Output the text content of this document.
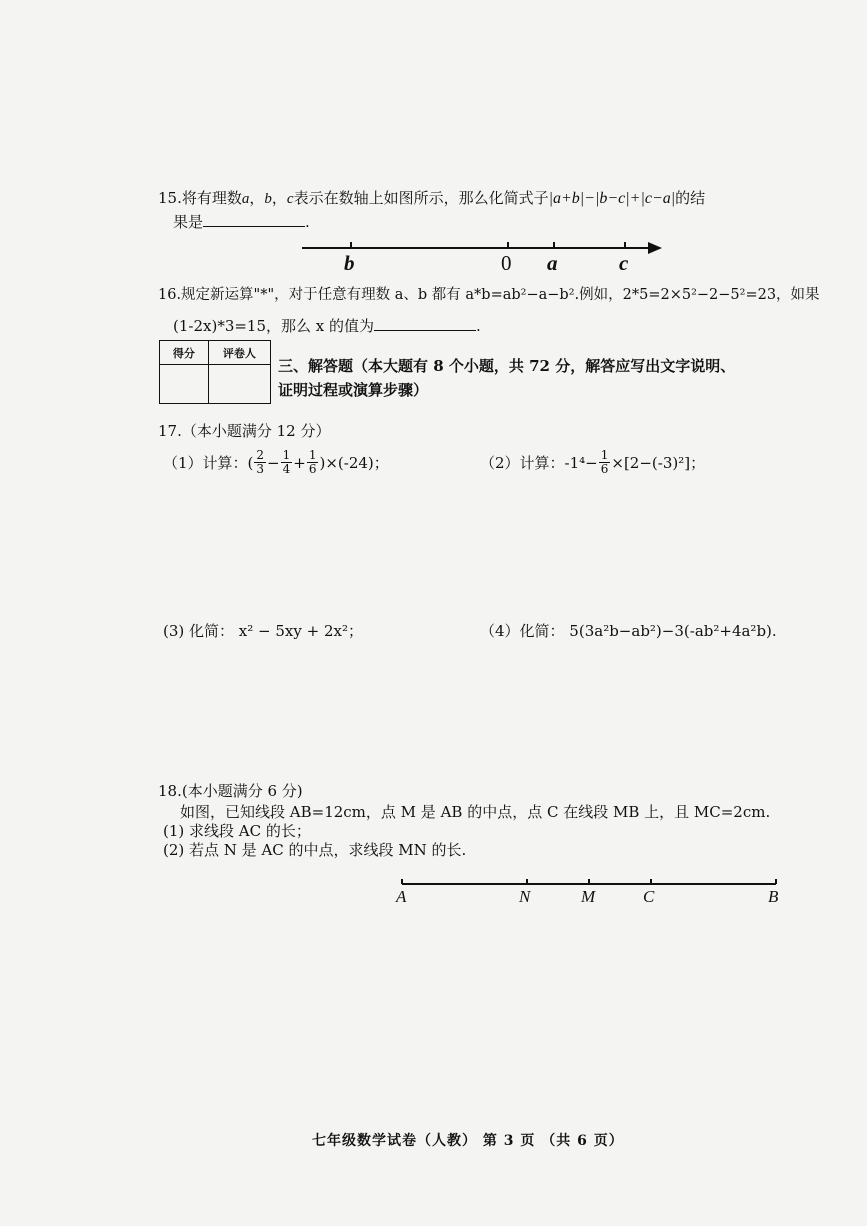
15.将有理数a，b，c表示在数轴上如图所示，那么化简式子|a+b|−|b−c|+|c−a|的结
果是	.
b	0 a	c
16.规定新运算"*"，对于任意有理数 a、b 都有 a*b=ab²−a−b².例如，2*5=2×5²−2−5²=23，如果
(1-2x)*3=15，那么 x 的值为	.
得分	评卷人

三、解答题（本大题有 8 个小题，共 72 分，解答应写出文字说明、
证明过程或演算步骤）
17.（本小题满分 12 分）
（1）计算：( $\frac{2}{3} - \frac{1}{4} + \frac{1}{6} )\times(-24)$；	（2）计算：$-1^4- \frac{1}{6} \times[2-(-3)^2]$；
(3) 化简： x² − 5xy + 2x²；	（4）化简： 5(3a²b−ab²)−3(-ab²+4a²b).
18.(本小题满分 6 分)
如图，已知线段 AB=12cm，点 M 是 AB 的中点，点 C 在线段 MB 上，且 MC=2cm.
(1) 求线段 AC 的长；
(2) 若点 N 是 AC 的中点，求线段 MN 的长.
A	N	M	C	B
七年级数学试卷（人教） 第 3 页 （共 6 页）
